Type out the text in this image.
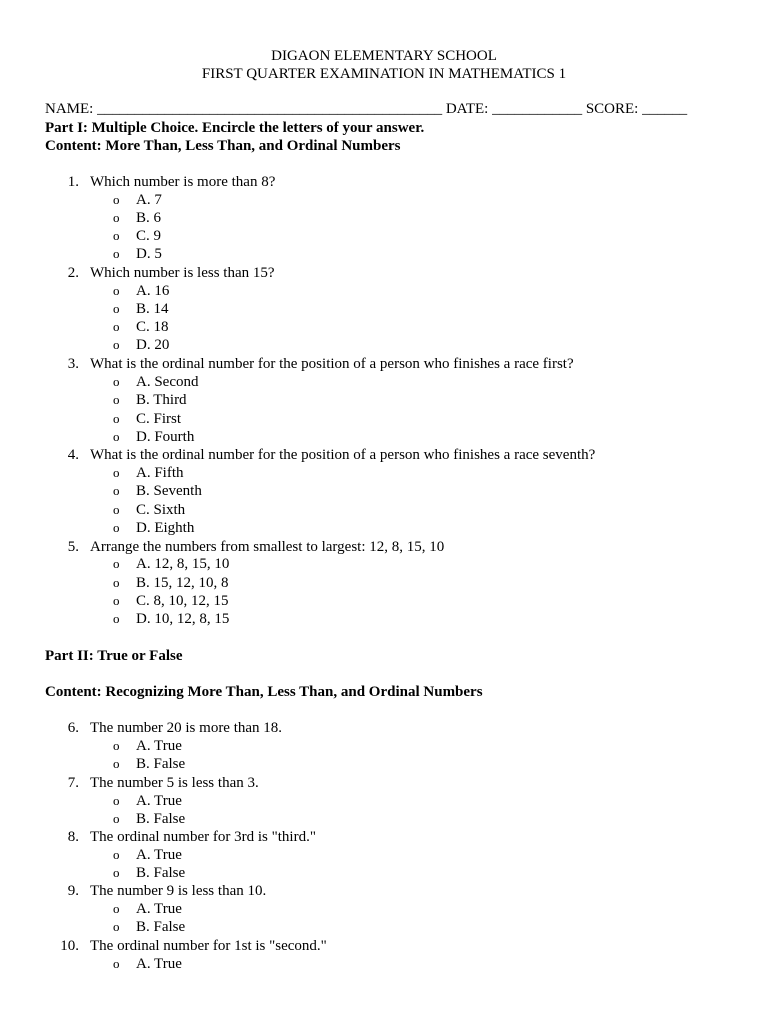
DIGAON ELEMENTARY SCHOOL
FIRST QUARTER EXAMINATION IN MATHEMATICS 1
NAME: ______________________________________________ DATE: ____________ SCORE: ______
Part I: Multiple Choice. Encircle the letters of your answer.
Content: More Than, Less Than, and Ordinal Numbers
1. Which number is more than 8?
o A. 7
o B. 6
o C. 9
o D. 5
2. Which number is less than 15?
o A. 16
o B. 14
o C. 18
o D. 20
3. What is the ordinal number for the position of a person who finishes a race first?
o A. Second
o B. Third
o C. First
o D. Fourth
4. What is the ordinal number for the position of a person who finishes a race seventh?
o A. Fifth
o B. Seventh
o C. Sixth
o D. Eighth
5. Arrange the numbers from smallest to largest: 12, 8, 15, 10
o A. 12, 8, 15, 10
o B. 15, 12, 10, 8
o C. 8, 10, 12, 15
o D. 10, 12, 8, 15
Part II: True or False
Content: Recognizing More Than, Less Than, and Ordinal Numbers
6. The number 20 is more than 18.
o A. True
o B. False
7. The number 5 is less than 3.
o A. True
o B. False
8. The ordinal number for 3rd is "third."
o A. True
o B. False
9. The number 9 is less than 10.
o A. True
o B. False
10. The ordinal number for 1st is "second."
o A. True
